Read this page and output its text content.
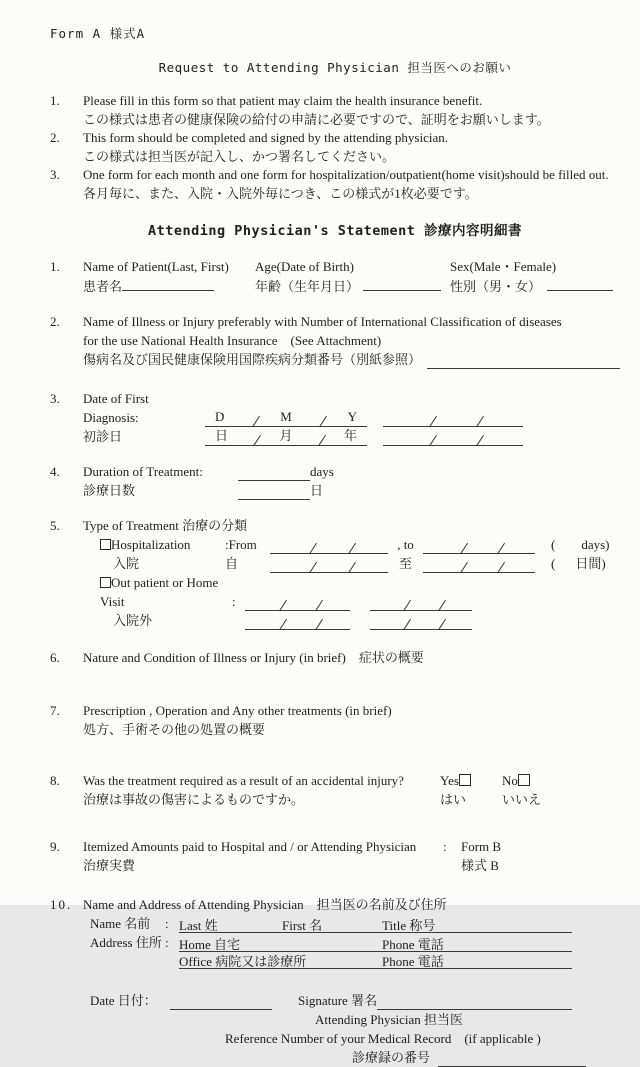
Form A 様式A
Request to Attending Physician 担当医へのお願い
1.	Please fill in this form so that patient may claim the health insurance benefit.
この様式は患者の健康保険の給付の申請に必要ですので、証明をお願いします。
2.	This form should be completed and signed by the attending physician.
この様式は担当医が記入し、かつ署名してください。
3.	One form for each month and one form for hospitalization/outpatient(home visit)should be filled out. 各月毎に、また、入院・入院外毎につき、この様式が1枚必要です。
Attending Physician's Statement 診療内容明細書
1.	Name of Patient(Last, First)	Age(Date of Birth)	Sex(Male・Female)
患者名	年齢（生年月日）	性別（男・女）
2.	Name of Illness or Injury preferably with Number of International Classification of diseases
for the use National Health Insurance　(See Attachment)
傷病名及び国民健康保険用国際疾病分類番号（別紙参照）
3.	Date of First Diagnosis:	D	M	Y
初診日	日	月	年
4.	Duration of Treatment:	days
診療日数	日
5.	Type of Treatment 治療の分類
Hospitalization	:From	, to	( days)
入院	自	至	( 日間)
Out patient or Home Visit	:
入院外
6.	Nature and Condition of Illness or Injury (in brief)　症状の概要
7.	Prescription , Operation and Any other treatments (in brief)
処方、手術その他の処置の概要
8.	Was the treatment required as a result of an accidental injury?	Yes	No
治療は事故の傷害によるものですか。	はい	いいえ
9.	Itemized Amounts paid to Hospital and / or Attending Physician	:	Form B
治療実費	様式 B
10. Name and Address of Attending Physician　担当医の名前及び住所
Name 名前	: Last 姓	First 名	Title 称号
Address 住所 : Home 自宅	Phone 電話
Office 病院又は診療所	Phone 電話
Date 日付：	Signature 署名
Attending Physician 担当医
Reference Number of your Medical Record　(if applicable )
診療録の番号
